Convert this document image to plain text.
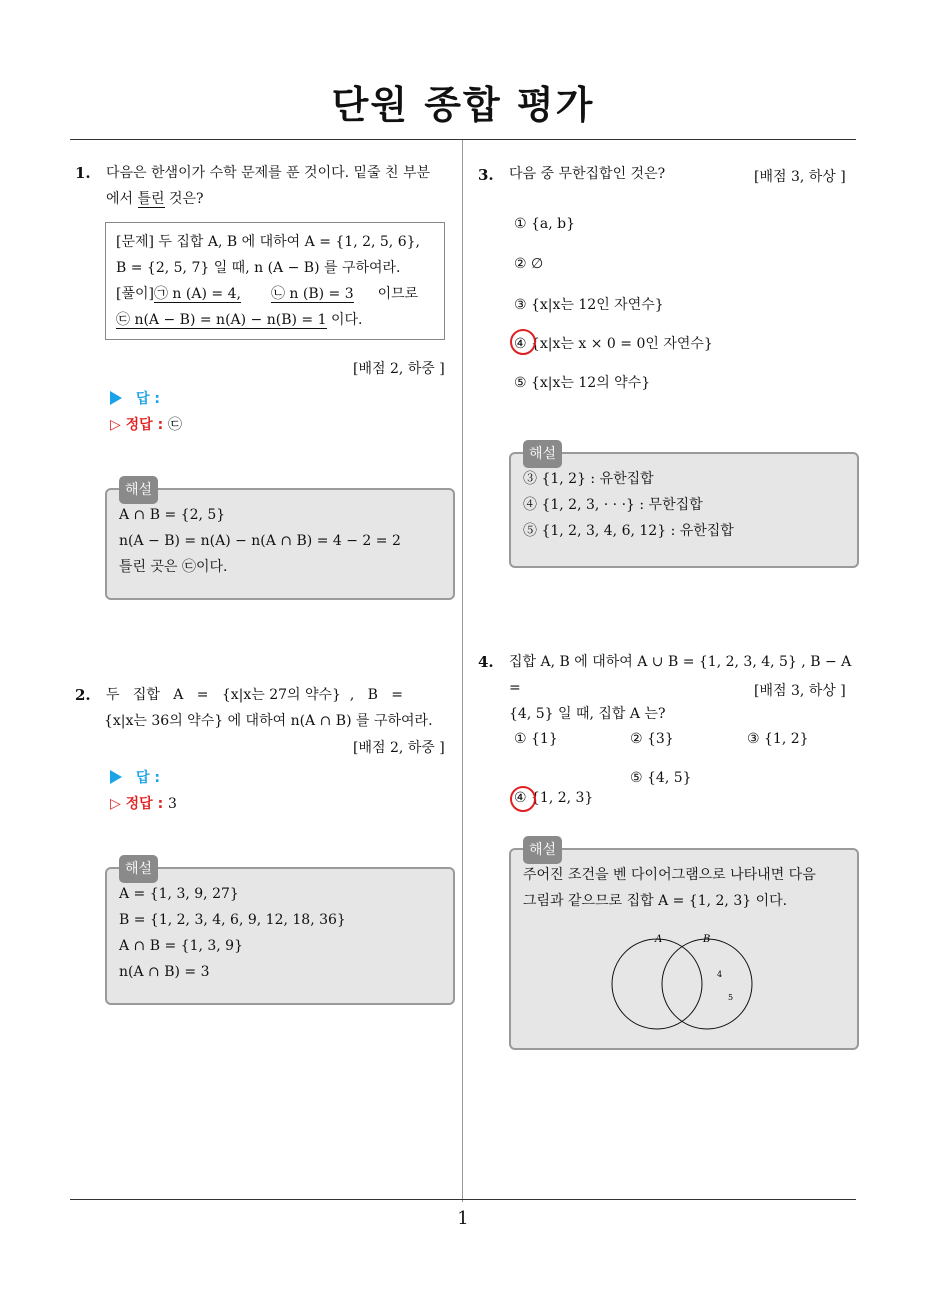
단원 종합 평가
1
1. 다음은 한샘이가 수학 문제를 푼 것이다. 밑줄 친 부분
에서 틀린 것은?
[문제] 두 집합 A, B 에 대하여 A = {1, 2, 5, 6},
B = {2, 5, 7} 일 때, n (A − B) 를 구하여라.
[풀이]㉠ n (A) = 4, ㉡ n (B) = 3 이므로
㉢ n(A − B) = n(A) − n(B) = 1 이다.
[배점 2, 하중 ]
답 :
▷ 정답 : ㉢
해설
A ∩ B = {2, 5}
n(A − B) = n(A) − n(A ∩ B) = 4 − 2 = 2
틀린 곳은 ㉢이다.
2. 두   집합   A   =   {x|x는 27의 약수}  ,   B   =
{x|x는 36의 약수} 에 대하여 n(A ∩ B) 를 구하여라.
[배점 2, 하중 ]
답 :
▷ 정답 : 3
해설
A = {1, 3, 9, 27}
B = {1, 2, 3, 4, 6, 9, 12, 18, 36}
A ∩ B = {1, 3, 9}
n(A ∩ B) = 3
3. 다음 중 무한집합인 것은?	[배점 3, 하상 ]
① {a, b}
② ∅
③ {x|x는 12인 자연수}
④ {x|x는 x × 0 = 0인 자연수}
⑤ {x|x는 12의 약수}
해설
③ {1, 2} : 유한집합
④ {1, 2, 3, · · ·} : 무한집합
⑤ {1, 2, 3, 4, 6, 12} : 유한집합
4. 집합 A, B 에 대하여 A ∪ B = {1, 2, 3, 4, 5} , B − A =
{4, 5} 일 때, 집합 A 는?
[배점 3, 하상 ]
① {1}	② {3}	③ {1, 2}
④ {1, 2, 3}
⑤ {4, 5}
해설
주어진 조건을 벤 다이어그램으로 나타내면 다음
그림과 같으므로 집합 A = {1, 2, 3} 이다.
A	B
4
5
